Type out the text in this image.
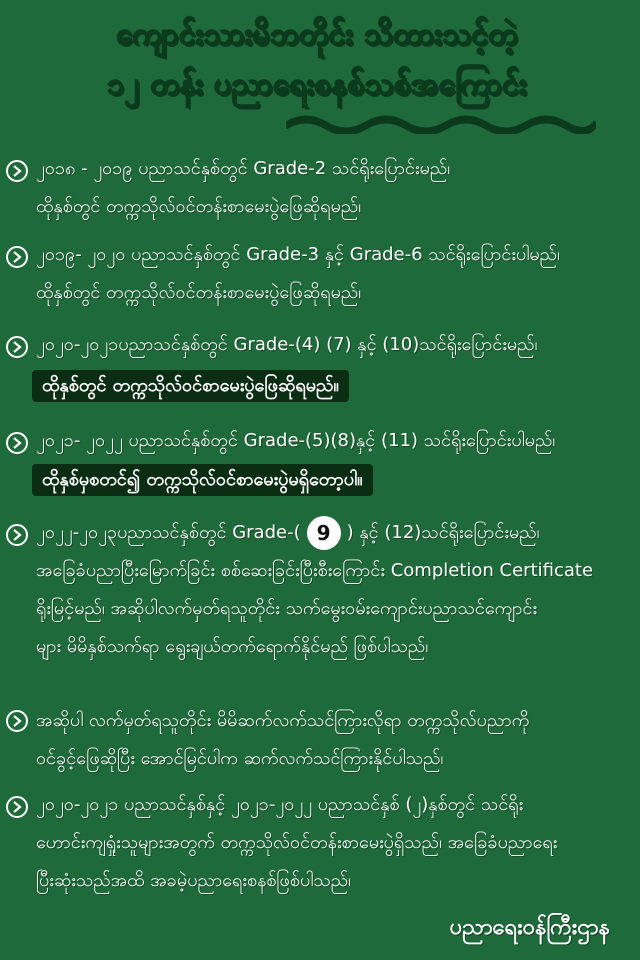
ကျောင်းသားမိဘတိုင်း သိထားသင့်တဲ့
၁၂ တန်း ပညာရေးစနစ်သစ်အကြောင်း
၂၀၁၈ - ၂၀၁၉ ပညာသင်နှစ်တွင် Grade-2 သင်ရိုးပြောင်းမည်၊
ထိုနှစ်တွင် တက္ကသိုလ်ဝင်တန်းစာမေးပွဲဖြေဆိုရမည်၊
၂၀၁၉- ၂၀၂၀ ပညာသင်နှစ်တွင် Grade-3 နှင့် Grade-6 သင်ရိုးပြောင်းပါမည်၊
ထိုနှစ်တွင် တက္ကသိုလ်ဝင်တန်းစာမေးပွဲဖြေဆိုရမည်၊
၂၀၂၀-၂၀၂၁ပညာသင်နှစ်တွင် Grade-(4) (7) နှင့် (10)သင်ရိုးပြောင်းမည်၊
ထိုနှစ်တွင် တက္ကသိုလ်ဝင်စာမေးပွဲဖြေဆိုရမည်။
၂၀၂၁- ၂၀၂၂ ပညာသင်နှစ်တွင် Grade-(5)(8)နှင့် (11) သင်ရိုးပြောင်းပါမည်၊
ထိုနှစ်မှစတင်၍ တက္ကသိုလ်ဝင်စာမေးပွဲမရှိတော့ပါ။
၂၀၂၂-၂၀၂၃ပညာသင်နှစ်တွင် Grade-( 9 ) နှင့် (12)သင်ရိုးပြောင်းမည်၊
အခြေခံပညာပြီးမြောက်ခြင်း စစ်ဆေးခြင်းပြီးစီးကြောင်း Completion Certificate
ရိုးမြင့်မည်၊ အဆိုပါလက်မှတ်ရသူတိုင်း သက်မွေးဝမ်းကျောင်းပညာသင်ကျောင်း
များ မိမိနှစ်သက်ရာ ရွေးချယ်တက်ရောက်နိုင်မည် ဖြစ်ပါသည်၊
အဆိုပါ လက်မှတ်ရသူတိုင်း မိမိဆက်လက်သင်ကြားလိုရာ တက္ကသိုလ်ပညာကို
ဝင်ခွင့်ဖြေဆိုပြီး အောင်မြင်ပါက ဆက်လက်သင်ကြားနိုင်ပါသည်၊
၂၀၂၀-၂၀၂၁ ပညာသင်နှစ်နှင့် ၂၀၂၁-၂၀၂၂ ပညာသင်နှစ် (၂)နှစ်တွင် သင်ရိုး
ဟောင်းကျရှုံးသူများအတွက် တက္ကသိုလ်ဝင်တန်းစာမေးပွဲရှိသည်၊ အခြေခံပညာရေး
ပြီးဆုံးသည်အထိ အခမဲ့ပညာရေးစနစ်ဖြစ်ပါသည်၊
ပညာရေးဝန်ကြီးဌာန
